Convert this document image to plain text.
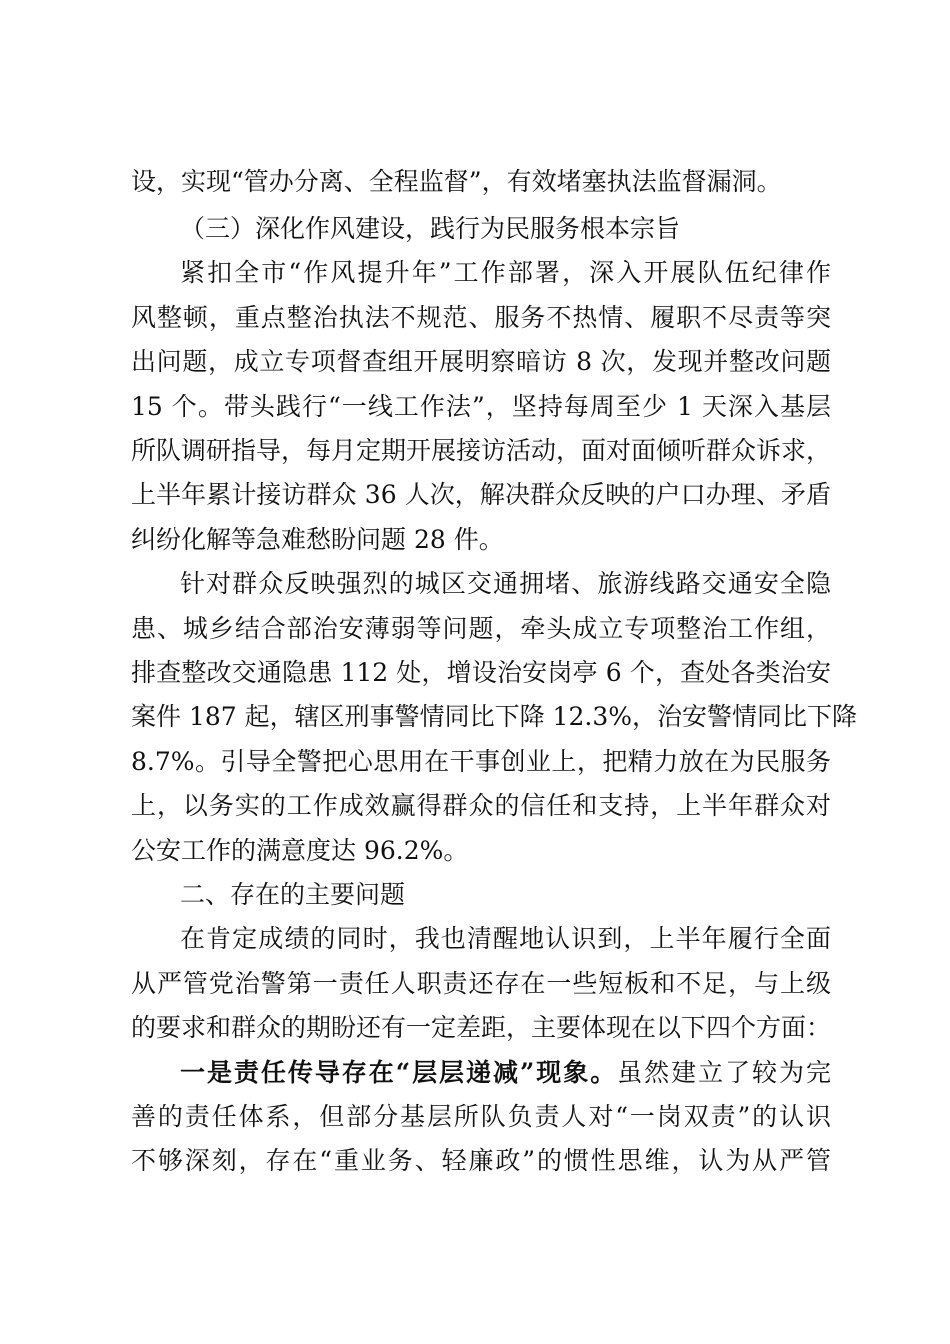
设，实现“管办分离、全程监督”，有效堵塞执法监督漏洞。
（三）深化作风建设，践行为民服务根本宗旨
紧扣全市“作风提升年”工作部署，深入开展队伍纪律作
风整顿，重点整治执法不规范、服务不热情、履职不尽责等突
出问题，成立专项督查组开展明察暗访 8 次，发现并整改问题
15 个。带头践行“一线工作法”，坚持每周至少 1 天深入基层
所队调研指导，每月定期开展接访活动，面对面倾听群众诉求，
上半年累计接访群众 36 人次，解决群众反映的户口办理、矛盾
纠纷化解等急难愁盼问题 28 件。
针对群众反映强烈的城区交通拥堵、旅游线路交通安全隐
患、城乡结合部治安薄弱等问题，牵头成立专项整治工作组，
排查整改交通隐患 112 处，增设治安岗亭 6 个，查处各类治安
案件 187 起，辖区刑事警情同比下降 12.3%，治安警情同比下降
8.7%。引导全警把心思用在干事创业上，把精力放在为民服务
上，以务实的工作成效赢得群众的信任和支持，上半年群众对
公安工作的满意度达 96.2%。
二、存在的主要问题
在肯定成绩的同时，我也清醒地认识到，上半年履行全面
从严管党治警第一责任人职责还存在一些短板和不足，与上级
的要求和群众的期盼还有一定差距，主要体现在以下四个方面：
一是责任传导存在“层层递减”现象。虽然建立了较为完
善的责任体系，但部分基层所队负责人对“一岗双责”的认识
不够深刻，存在“重业务、轻廉政”的惯性思维，认为从严管
